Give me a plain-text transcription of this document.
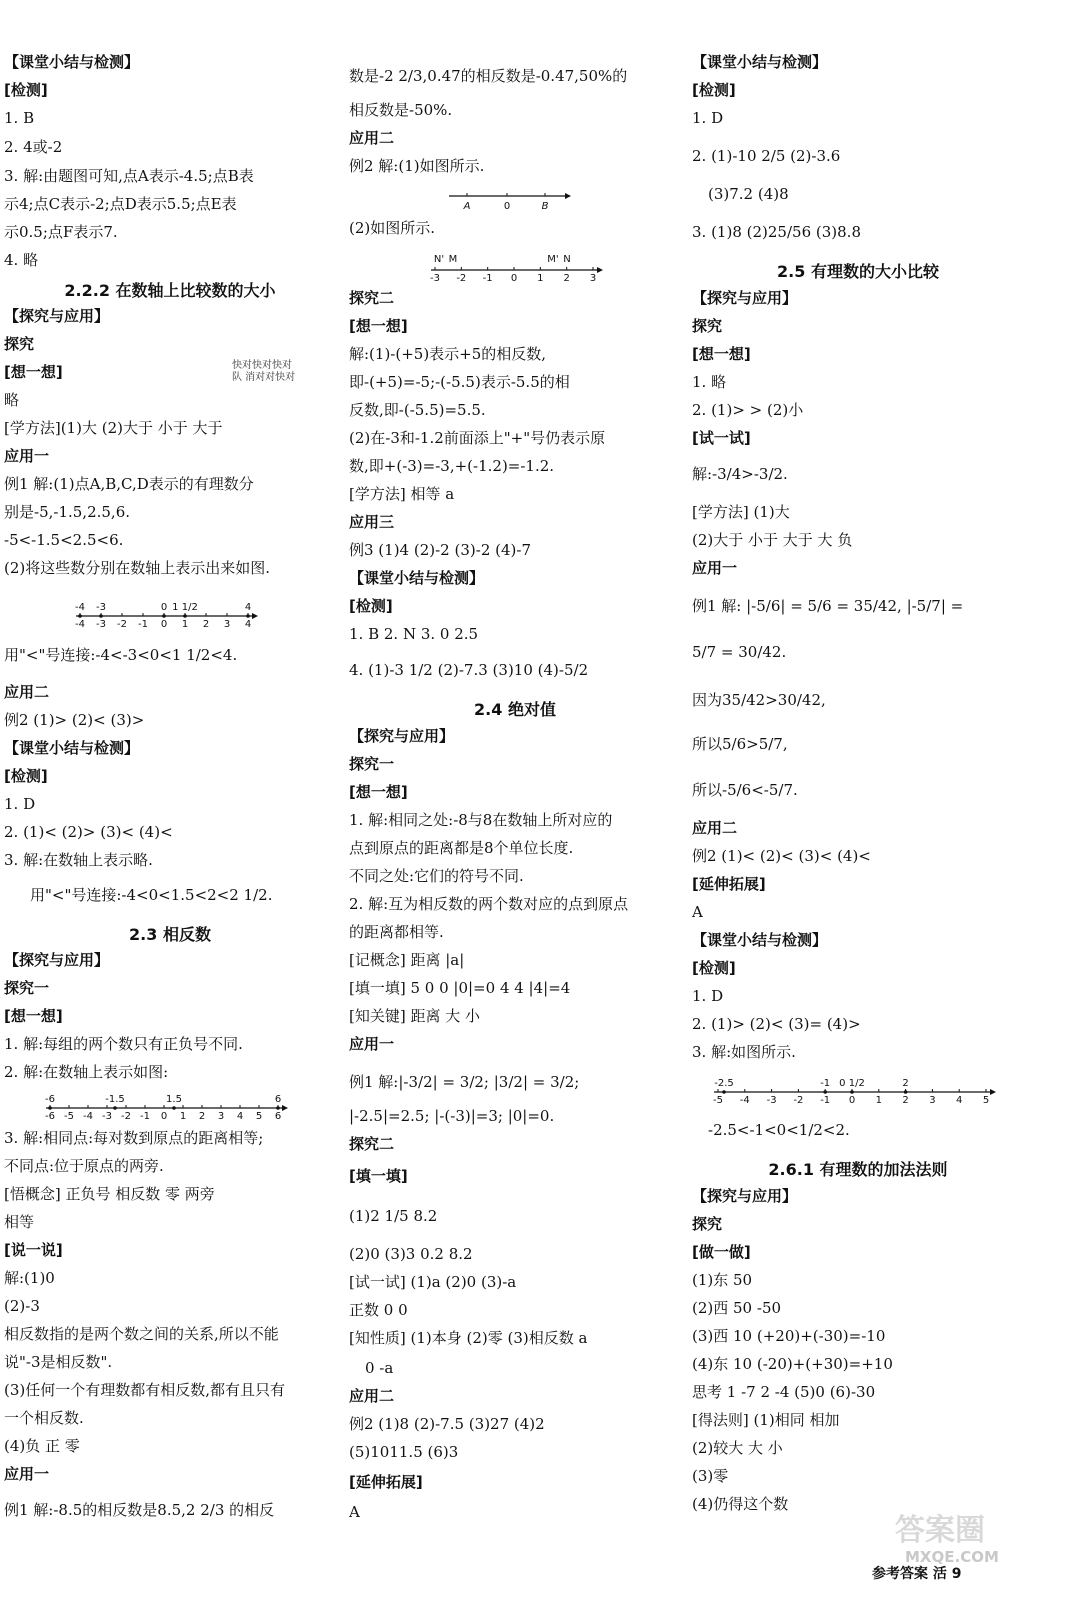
【课堂小结与检测】
[检测]
1. B
2. 4或-2
3. 解:由题图可知,点A表示-4.5;点B表
示4;点C表示-2;点D表示5.5;点E表
示0.5;点F表示7.
4. 略
2.2.2 在数轴上比较数的大小
【探究与应用】
探究
[想一想]	快对快对快对
队 消对对快对
略
[学方法](1)大 (2)大于 小于 大于
应用一
例1 解:(1)点A,B,C,D表示的有理数分
别是-5,-1.5,2.5,6.
-5<-1.5<2.5<6.
(2)将这些数分别在数轴上表示出来如图.
-4 -3 -2 -1 0 1 2 3 4
-4 -3	0 1 1/2	4
用"<"号连接:-4<-3<0<1 1/2<4.
应用二
例2 (1)> (2)< (3)>
【课堂小结与检测】
[检测]
1. D
2. (1)< (2)> (3)< (4)<
3. 解:在数轴上表示略.
用"<"号连接:-4<0<1.5<2<2 1/2.
2.3 相反数
【探究与应用】
探究一
[想一想]
1. 解:每组的两个数只有正负号不同.
2. 解:在数轴上表示如图:
-6 -5 -4 -3 -2 -1 0 1 2 3 4 5 6
-6	-1.5	1.5	6
3. 解:相同点:每对数到原点的距离相等;
不同点:位于原点的两旁.
[悟概念] 正负号 相反数 零 两旁
相等
[说一说]
解:(1)0
(2)-3
相反数指的是两个数之间的关系,所以不能
说"-3是相反数".
(3)任何一个有理数都有相反数,都有且只有
一个相反数.
(4)负 正 零
应用一
例1 解:-8.5的相反数是8.5,2 2/3 的相反
数是-2 2/3,0.47的相反数是-0.47,50%的
相反数是-50%.
应用二
例2 解:(1)如图所示.
A	0	B
(2)如图所示.
-3 -2 -1 0 1 2 3
N' M	M' N
探究二
[想一想]
解:(1)-(+5)表示+5的相反数,
即-(+5)=-5;-(-5.5)表示-5.5的相
反数,即-(-5.5)=5.5.
(2)在-3和-1.2前面添上"+"号仍表示原
数,即+(-3)=-3,+(-1.2)=-1.2.
[学方法] 相等 a
应用三
例3 (1)4 (2)-2 (3)-2 (4)-7
【课堂小结与检测】
[检测]
1. B 2. N 3. 0 2.5
4. (1)-3 1/2 (2)-7.3 (3)10 (4)-5/2
2.4 绝对值
【探究与应用】
探究一
[想一想]
1. 解:相同之处:-8与8在数轴上所对应的
点到原点的距离都是8个单位长度.
不同之处:它们的符号不同.
2. 解:互为相反数的两个数对应的点到原点
的距离都相等.
[记概念] 距离 |a|
[填一填] 5 0 0 |0|=0 4 4 |4|=4
[知关键] 距离 大 小
应用一
例1 解:|-3/2| = 3/2; |3/2| = 3/2;
|-2.5|=2.5; |-(-3)|=3; |0|=0.
探究二
[填一填]
(1)2 1/5 8.2
(2)0 (3)3 0.2 8.2
[试一试] (1)a (2)0 (3)-a
正数 0 0
[知性质] (1)本身 (2)零 (3)相反数 a
0 -a
应用二
例2 (1)8 (2)-7.5 (3)27 (4)2
(5)1011.5 (6)3
[延伸拓展]
A
【课堂小结与检测】
[检测]
1. D
2. (1)-10 2/5 (2)-3.6
(3)7.2 (4)8
3. (1)8 (2)25/56 (3)8.8
2.5 有理数的大小比较
【探究与应用】
探究
[想一想]
1. 略
2. (1)> > (2)小
[试一试]
解:-3/4>-3/2.
[学方法] (1)大
(2)大于 小于 大于 大 负
应用一
例1 解: |-5/6| = 5/6 = 35/42, |-5/7| =
5/7 = 30/42.
因为35/42>30/42,
所以5/6>5/7,
所以-5/6<-5/7.
应用二
例2 (1)< (2)< (3)< (4)<
[延伸拓展]
A
【课堂小结与检测】
[检测]
1. D
2. (1)> (2)< (3)= (4)>
3. 解:如图所示.
-5 -4 -3 -2 -1 0 1 2 3 4 5
-2.5	-1 0 1/2	2
-2.5<-1<0<1/2<2.
2.6.1 有理数的加法法则
【探究与应用】
探究
[做一做]
(1)东 50
(2)西 50 -50
(3)西 10 (+20)+(-30)=-10
(4)东 10 (-20)+(+30)=+10
思考 1 -7 2 -4 (5)0 (6)-30
[得法则] (1)相同 相加
(2)较大 大 小
(3)零
(4)仍得这个数
答案圈
MXQE.COM
参考答案 活 9
